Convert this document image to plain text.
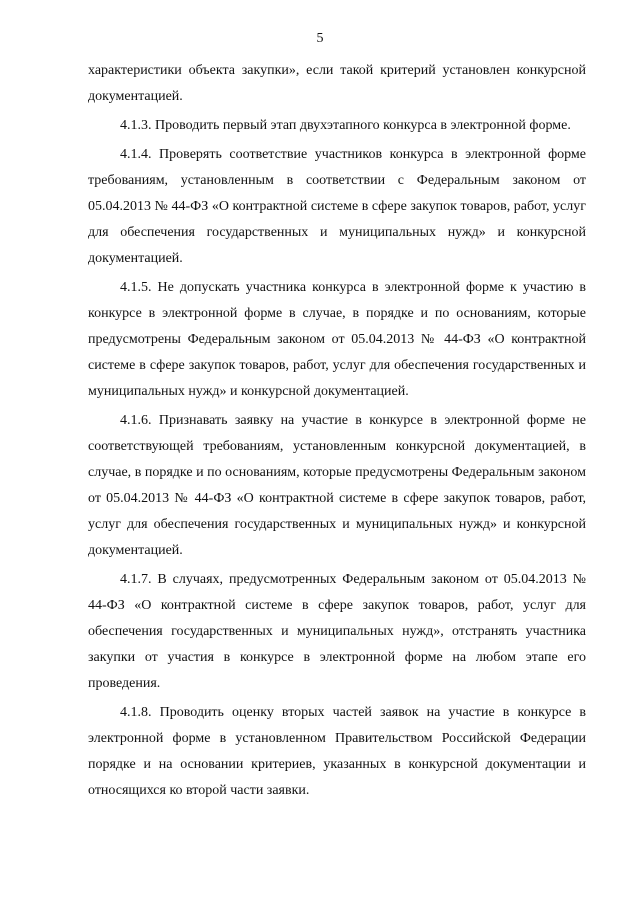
5

характеристики объекта закупки», если такой критерий установлен конкурсной документацией.

4.1.3. Проводить первый этап двухэтапного конкурса в электронной форме.

4.1.4. Проверять соответствие участников конкурса в электронной форме требованиям, установленным в соответствии с Федеральным законом от 05.04.2013 № 44-ФЗ «О контрактной системе в сфере закупок товаров, работ, услуг для обеспечения государственных и муниципальных нужд» и конкурсной документацией.

4.1.5. Не допускать участника конкурса в электронной форме к участию в конкурсе в электронной форме в случае, в порядке и по основаниям, которые предусмотрены Федеральным законом от 05.04.2013 № 44-ФЗ «О контрактной системе в сфере закупок товаров, работ, услуг для обеспечения государственных и муниципальных нужд» и конкурсной документацией.

4.1.6. Признавать заявку на участие в конкурсе в электронной форме не соответствующей требованиям, установленным конкурсной документацией, в случае, в порядке и по основаниям, которые предусмотрены Федеральным законом от 05.04.2013 № 44-ФЗ «О контрактной системе в сфере закупок товаров, работ, услуг для обеспечения государственных и муниципальных нужд» и конкурсной документацией.

4.1.7. В случаях, предусмотренных Федеральным законом от 05.04.2013 № 44-ФЗ «О контрактной системе в сфере закупок товаров, работ, услуг для обеспечения государственных и муниципальных нужд», отстранять участника закупки от участия в конкурсе в электронной форме на любом этапе его проведения.

4.1.8. Проводить оценку вторых частей заявок на участие в конкурсе в электронной форме в установленном Правительством Российской Федерации порядке и на основании критериев, указанных в конкурсной документации и относящихся ко второй части заявки.
